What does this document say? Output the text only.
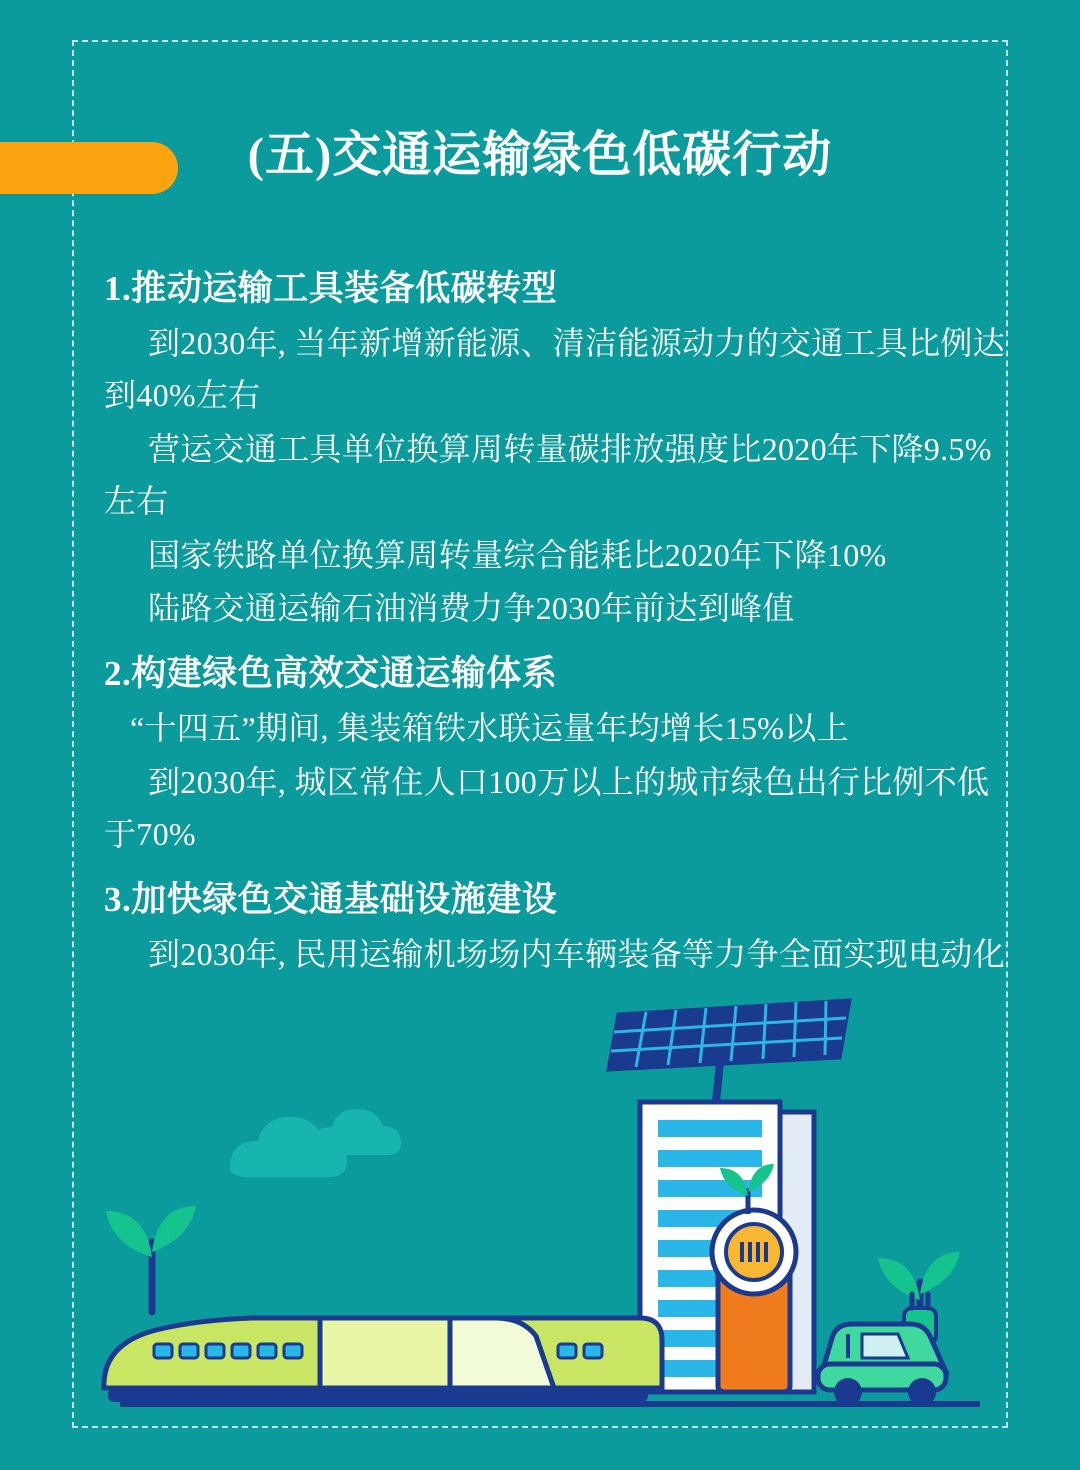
(五)交通运输绿色低碳行动
1.推动运输工具装备低碳转型

到2030年, 当年新增新能源、清洁能源动力的交通工具比例达到40%左右

营运交通工具单位换算周转量碳排放强度比2020年下降9.5%左右

国家铁路单位换算周转量综合能耗比2020年下降10%

陆路交通运输石油消费力争2030年前达到峰值

2.构建绿色高效交通运输体系

“十四五”期间, 集装箱铁水联运量年均增长15%以上

到2030年, 城区常住人口100万以上的城市绿色出行比例不低于70%

3.加快绿色交通基础设施建设

到2030年, 民用运输机场场内车辆装备等力争全面实现电动化
